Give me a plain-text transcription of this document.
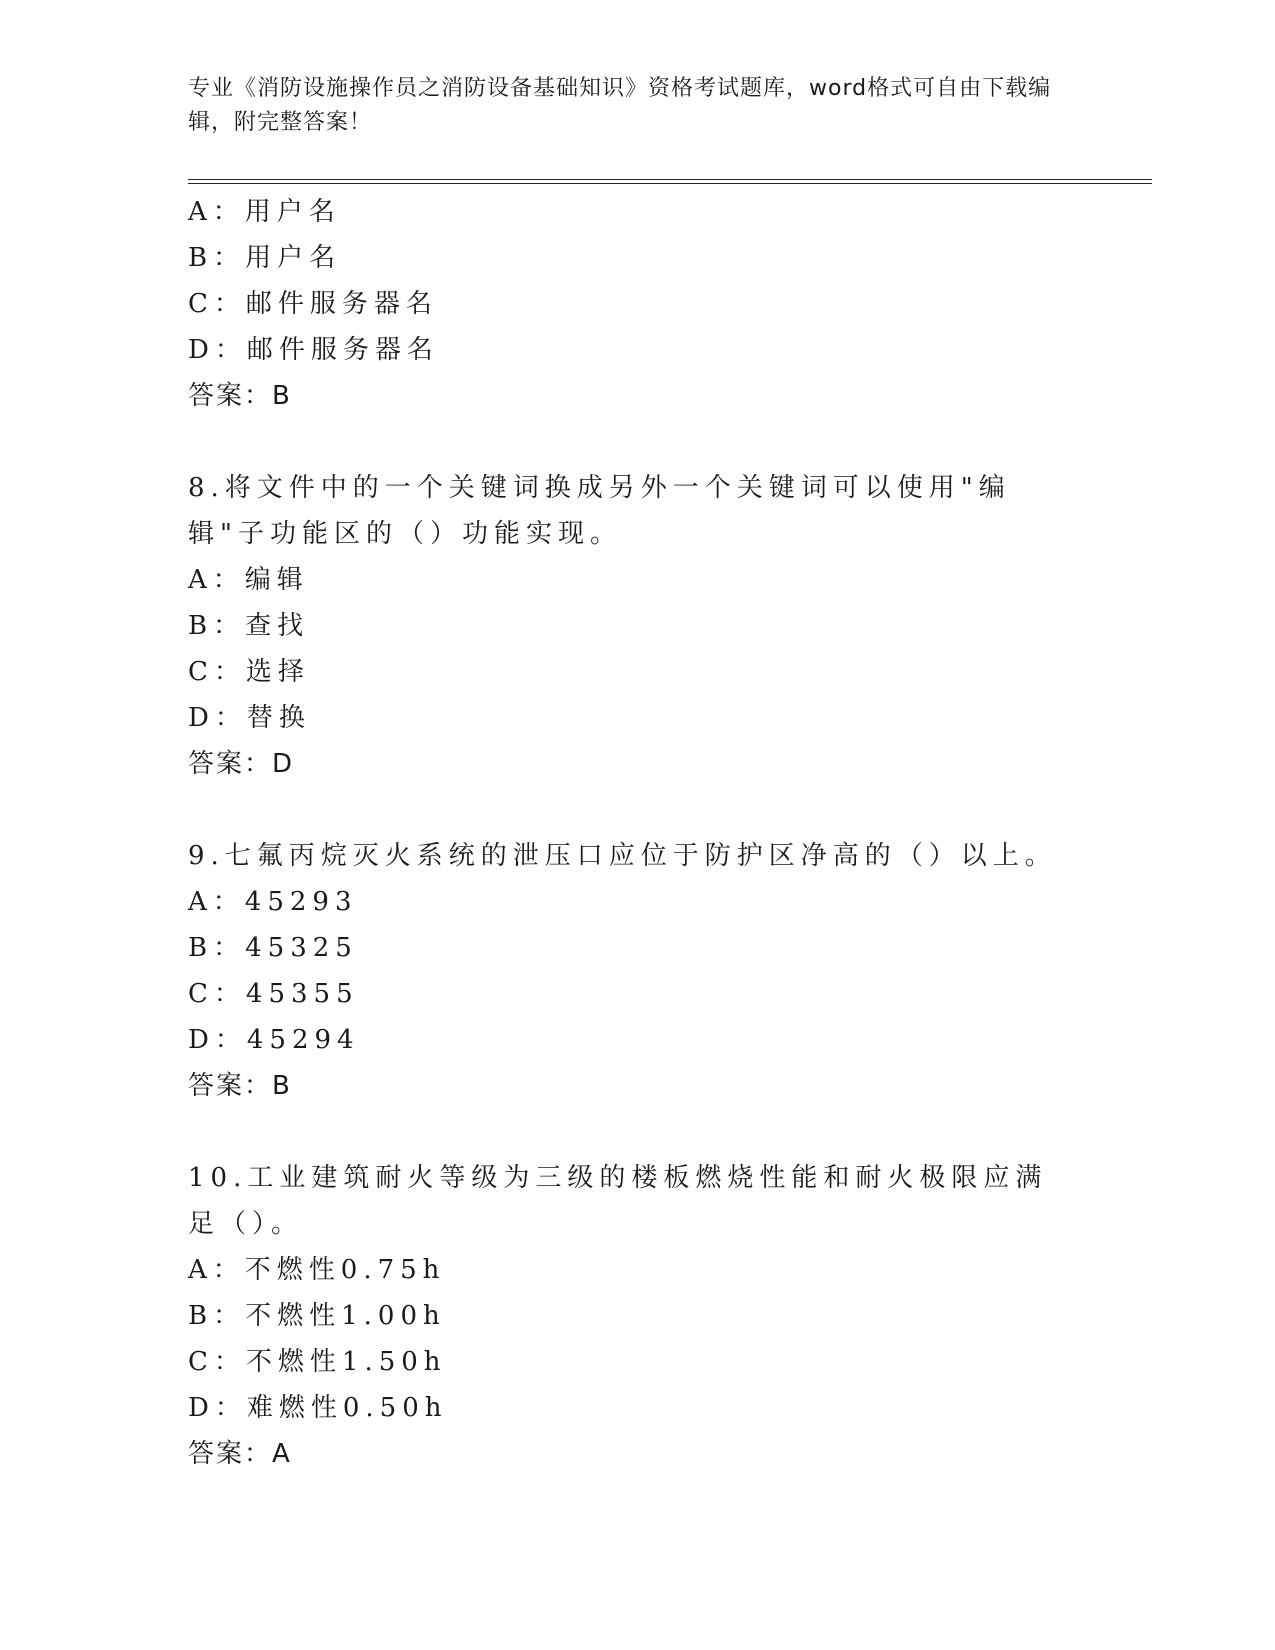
专业《消防设施操作员之消防设备基础知识》资格考试题库，word格式可自由下载编辑，附完整答案！
A：用户名
B：用户名
C：邮件服务器名
D：邮件服务器名
答案：B
8.将文件中的一个关键词换成另外一个关键词可以使用"编辑"子功能区的（）功能实现。
A：编辑
B：查找
C：选择
D：替换
答案：D
9.七氟丙烷灭火系统的泄压口应位于防护区净高的（）以上。
A：45293
B：45325
C：45355
D：45294
答案：B
10.工业建筑耐火等级为三级的楼板燃烧性能和耐火极限应满足（）。
A：不燃性0.75h
B：不燃性1.00h
C：不燃性1.50h
D：难燃性0.50h
答案：A
